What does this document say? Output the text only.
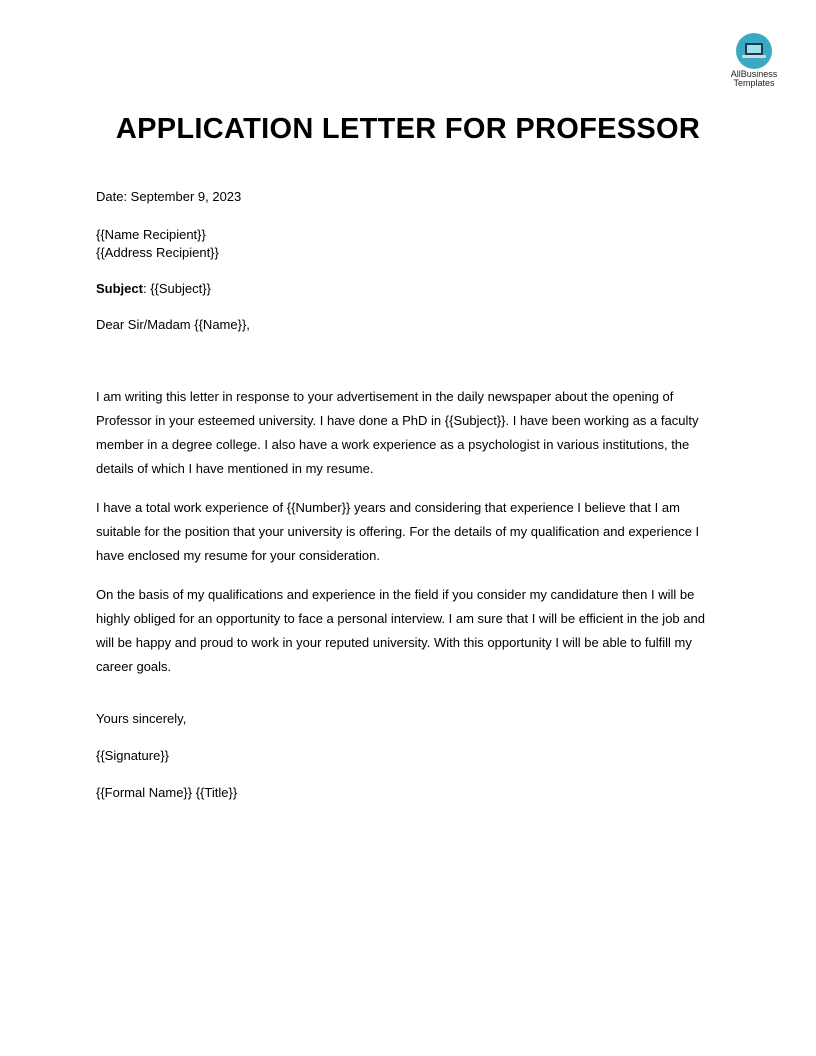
AllBusiness
Templates
APPLICATION LETTER FOR PROFESSOR
Date: September 9, 2023
{{Name Recipient}}
{{Address Recipient}}
Subject: {{Subject}}
Dear Sir/Madam {{Name}},
I am writing this letter in response to your advertisement in the daily newspaper about the opening of Professor in your esteemed university. I have done a PhD in {{Subject}}. I have been working as a faculty member in a degree college. I also have a work experience as a psychologist in various institutions, the details of which I have mentioned in my resume.
I have a total work experience of {{Number}} years and considering that experience I believe that I am suitable for the position that your university is offering. For the details of my qualification and experience I have enclosed my resume for your consideration.
On the basis of my qualifications and experience in the field if you consider my candidature then I will be highly obliged for an opportunity to face a personal interview. I am sure that I will be efficient in the job and will be happy and proud to work in your reputed university. With this opportunity I will be able to fulfill my career goals.
Yours sincerely,
{{Signature}}
{{Formal Name}} {{Title}}
